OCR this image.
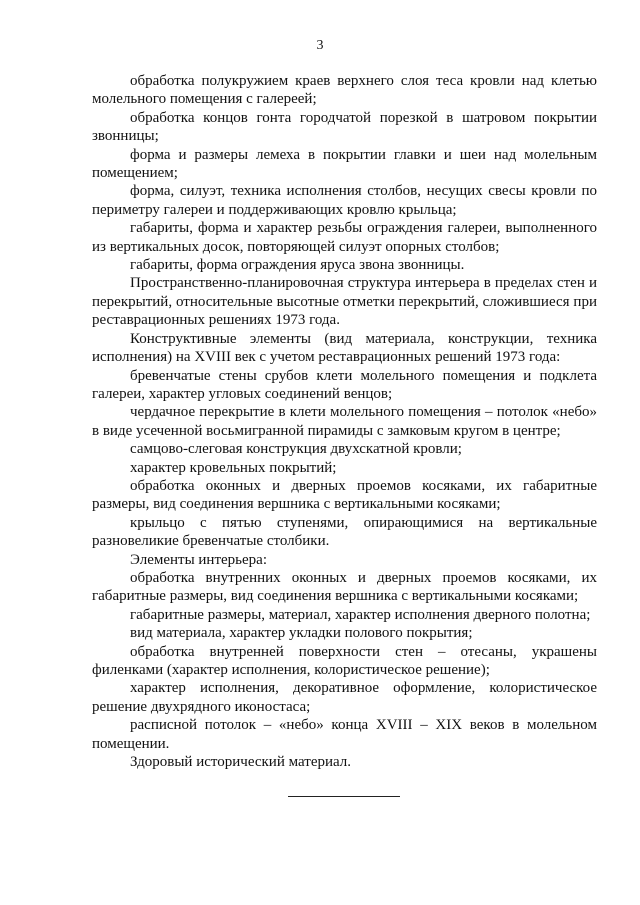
3

обработка полукружием краев верхнего слоя теса кровли над клетью молельного помещения с галереей;

обработка концов гонта городчатой порезкой в шатровом покрытии звонницы;

форма и размеры лемеха в покрытии главки и шеи над молельным помещением;

форма, силуэт, техника исполнения столбов, несущих свесы кровли по периметру галереи и поддерживающих кровлю крыльца;

габариты, форма и характер резьбы ограждения галереи, выполненного из вертикальных досок, повторяющей силуэт опорных столбов;

габариты, форма ограждения яруса звона звонницы.

Пространственно-планировочная структура интерьера в пределах стен и перекрытий, относительные высотные отметки перекрытий, сложившиеся при реставрационных решениях 1973 года.

Конструктивные элементы (вид материала, конструкции, техника исполнения) на XVIII век с учетом реставрационных решений 1973 года:

бревенчатые стены срубов клети молельного помещения и подклета галереи, характер угловых соединений венцов;

чердачное перекрытие в клети молельного помещения – потолок «небо» в виде усеченной восьмигранной пирамиды с замковым кругом в центре;

самцово-слеговая конструкция двухскатной кровли;

характер кровельных покрытий;

обработка оконных и дверных проемов косяками, их габаритные размеры, вид соединения вершника с вертикальными косяками;

крыльцо с пятью ступенями, опирающимися на вертикальные разновеликие бревенчатые столбики.

Элементы интерьера:

обработка внутренних оконных и дверных проемов косяками, их габаритные размеры, вид соединения вершника с вертикальными косяками;

габаритные размеры, материал, характер исполнения дверного полотна;

вид материала, характер укладки полового покрытия;

обработка внутренней поверхности стен – отесаны, украшены филенками (характер исполнения, колористическое решение);

характер исполнения, декоративное оформление, колористическое решение двухрядного иконостаса;

расписной потолок – «небо» конца XVIII – XIX веков в молельном помещении.

Здоровый исторический материал.
